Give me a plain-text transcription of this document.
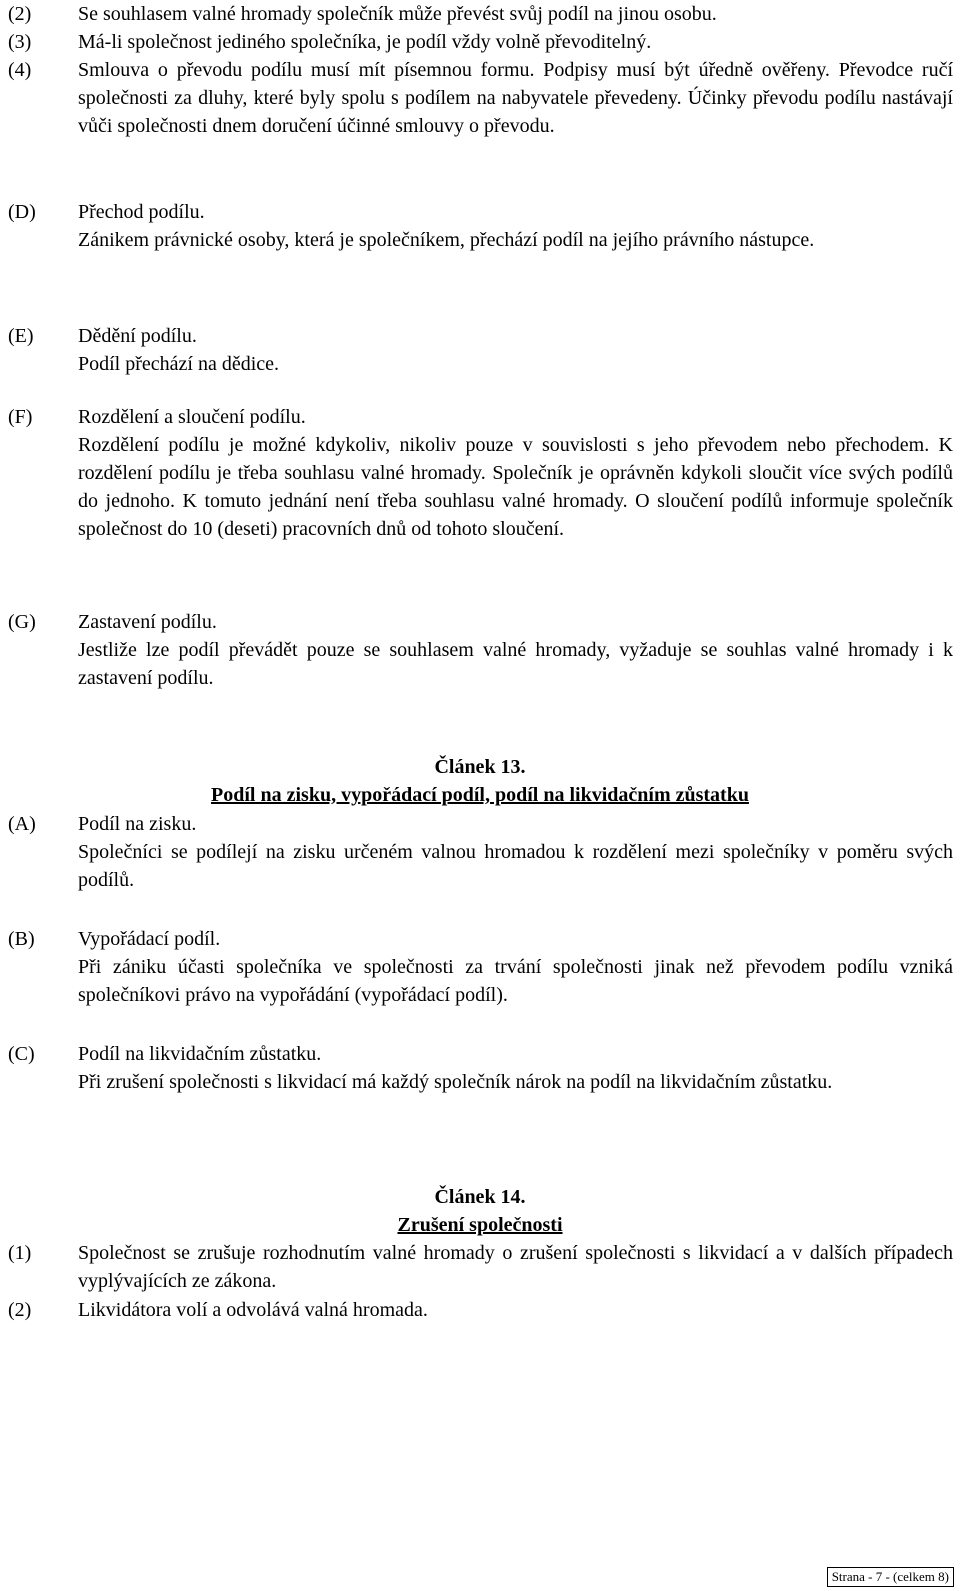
(2)	Se souhlasem valné hromady společník může převést svůj podíl na jinou osobu.

(3)	Má-li společnost jediného společníka, je podíl vždy volně převoditelný.

(4)	Smlouva o převodu podílu musí mít písemnou formu. Podpisy musí být úředně ověřeny. Převodce ručí společnosti za dluhy, které byly spolu s podílem na nabyvatele převedeny. Účinky převodu podílu nastávají vůči společnosti dnem doručení účinné smlouvy o převodu.

(D)	Přechod podílu.

Zánikem právnické osoby, která je společníkem, přechází podíl na jejího právního nástupce.

(E)	Dědění podílu.

Podíl přechází na dědice.

(F)	Rozdělení a sloučení podílu.

Rozdělení podílu je možné kdykoliv, nikoliv pouze v souvislosti s jeho převodem nebo přechodem. K rozdělení podílu je třeba souhlasu valné hromady. Společník je oprávněn kdykoli sloučit více svých podílů do jednoho. K tomuto jednání není třeba souhlasu valné hromady. O sloučení podílů informuje společník společnost do 10 (deseti) pracovních dnů od tohoto sloučení.

(G)	Zastavení podílu.

Jestliže lze podíl převádět pouze se souhlasem valné hromady, vyžaduje se souhlas valné hromady i k zastavení podílu.

Článek 13.
Podíl na zisku, vypořádací podíl, podíl na likvidačním zůstatku
(A)	Podíl na zisku.

Společníci se podílejí na zisku určeném valnou hromadou k rozdělení mezi společníky v poměru svých podílů.

(B)	Vypořádací podíl.

Při zániku účasti společníka ve společnosti za trvání společnosti jinak než převodem podílu vzniká společníkovi právo na vypořádání (vypořádací podíl).

(C)	Podíl na likvidačním zůstatku.

Při zrušení společnosti s likvidací má každý společník nárok na podíl na likvidačním zůstatku.

Článek 14.
Zrušení společnosti
(1)	Společnost se zrušuje rozhodnutím valné hromady o zrušení společnosti s likvidací a v dalších případech vyplývajících ze zákona.

(2)	Likvidátora volí a odvolává valná hromada.

Strana - 7 - (celkem 8)
